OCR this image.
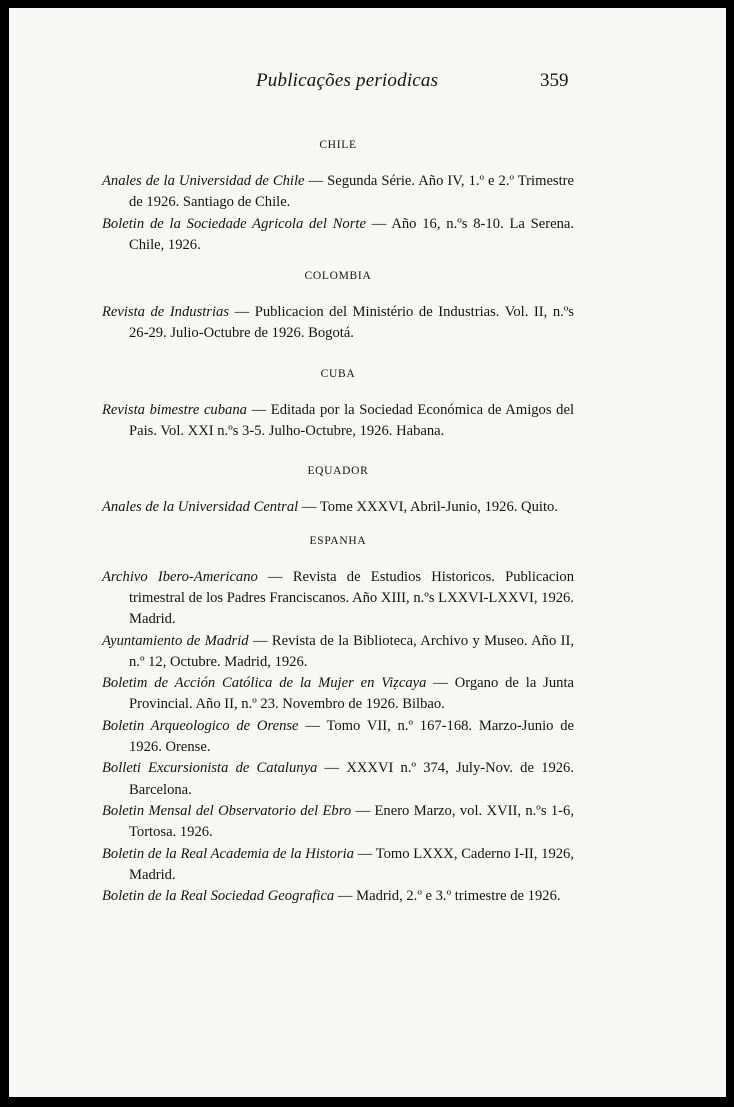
Publicações periodicas	359
CHILE

Anales de la Universidad de Chile — Segunda Série. Año IV, 1.º e 2.º Trimestre de 1926. Santiago de Chile.

Boletin de la Sociedade Agricola del Norte — Año 16, n.ºs 8-10. La Serena. Chile, 1926.

COLOMBIA

Revista de Industrias — Publicacion del Ministério de Industrias. Vol. II, n.ºs 26-29. Julio-Octubre de 1926. Bogotá.

CUBA

Revista bimestre cubana — Editada por la Sociedad Económica de Amigos del Pais. Vol. XXI n.ºs 3-5. Julho-Octubre, 1926. Habana.

EQUADOR

Anales de la Universidad Central — Tome XXXVI, Abril-Junio, 1926. Quito.

ESPANHA

Archivo Ibero-Americano — Revista de Estudios Historicos. Publicacion trimestral de los Padres Franciscanos. Año XIII, n.ºs LXXVI-LXXVI, 1926. Madrid.

Ayuntamiento de Madrid — Revista de la Biblioteca, Archivo y Museo. Año II, n.º 12, Octubre. Madrid, 1926.

Boletim de Acción Católica de la Mujer en Viẓcaya — Organo de la Junta Provincial. Año II, n.º 23. Novembro de 1926. Bilbao.

Boletin Arqueologico de Orense — Tomo VII, n.º 167-168. Marzo-Junio de 1926. Orense.

Bolleti Excursionista de Catalunya — XXXVI n.º 374, July-Nov. de 1926. Barcelona.

Boletin Mensal del Observatorio del Ebro — Enero Marzo, vol. XVII, n.ºs 1-6, Tortosa. 1926.

Boletin de la Real Academia de la Historia — Tomo LXXX, Caderno I-II, 1926, Madrid.

Boletin de la Real Sociedad Geografica — Madrid, 2.º e 3.º trimestre de 1926.
